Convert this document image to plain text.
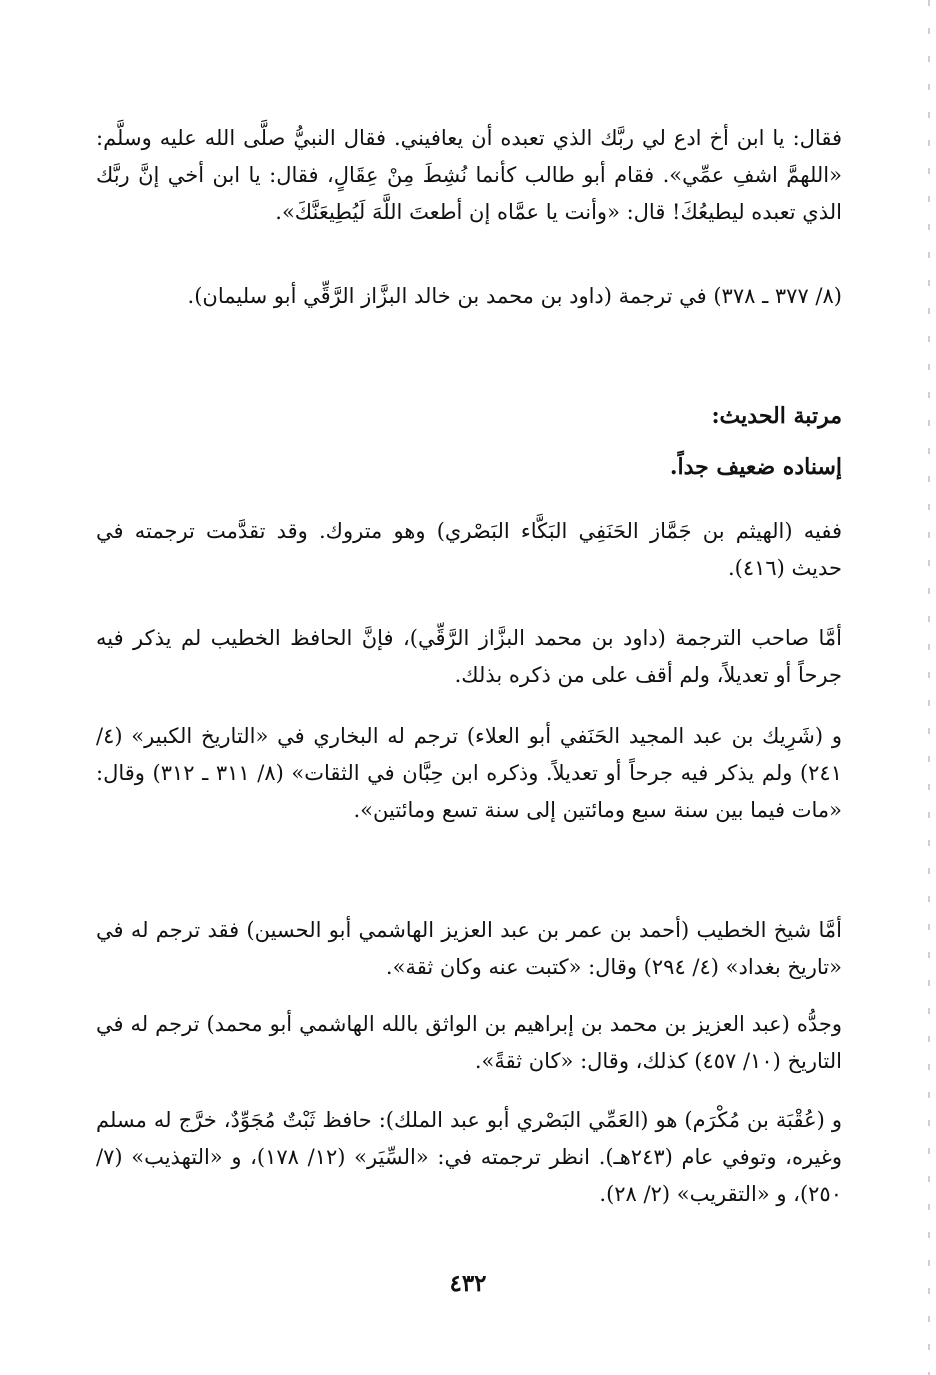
فقال: يا ابن أخ ادع لي ربَّك الذي تعبده أن يعافيني. فقال النبيُّ صلَّى الله عليه وسلَّم: «اللهمَّ اشفِ عمِّي». فقام أبو طالب كأنما نُشِطَ مِنْ عِقَالٍ، فقال: يا ابن أخي إنَّ ربَّك الذي تعبده ليطيعُكَ! قال: «وأنت يا عمَّاه إن أطعتَ اللَّهَ لَيُطِيعَنَّكَ».
(٨/ ٣٧٧ ـ ٣٧٨) في ترجمة (داود بن محمد بن خالد البزَّاز الرَّقِّي أبو سليمان).
مرتبة الحديث:
إسناده ضعيف جداً.
ففيه (الهيثم بن جَمَّاز الحَنَفِي البَكَّاء البَصْري) وهو متروك. وقد تقدَّمت ترجمته في حديث (٤١٦).
أمَّا صاحب الترجمة (داود بن محمد البزَّاز الرَّقِّي)، فإنَّ الحافظ الخطيب لم يذكر فيه جرحاً أو تعديلاً، ولم أقف على من ذكره بذلك.
و (شَرِيك بن عبد المجيد الحَنَفي أبو العلاء) ترجم له البخاري في «التاريخ الكبير» (٤/ ٢٤١) ولم يذكر فيه جرحاً أو تعديلاً. وذكره ابن حِبَّان في الثقات» (٨/ ٣١١ ـ ٣١٢) وقال: «مات فيما بين سنة سبع ومائتين إلى سنة تسع ومائتين».
أمَّا شيخ الخطيب (أحمد بن عمر بن عبد العزيز الهاشمي أبو الحسين) فقد ترجم له في «تاريخ بغداد» (٤/ ٢٩٤) وقال: «كتبت عنه وكان ثقة».
وجدُّه (عبد العزيز بن محمد بن إبراهيم بن الواثق بالله الهاشمي أبو محمد) ترجم له في التاريخ (١٠/ ٤٥٧) كذلك، وقال: «كان ثقةً».
و (عُقْبَة بن مُكْرَم) هو (العَمِّي البَصْري أبو عبد الملك): حافظ ثَبْتٌ مُجَوِّدٌ، خرَّج له مسلم وغيره، وتوفي عام (٢٤٣هـ). انظر ترجمته في: «السِّيَر» (١٢/ ١٧٨)، و «التهذيب» (٧/ ٢٥٠)، و «التقريب» (٢/ ٢٨).
٤٣٢
